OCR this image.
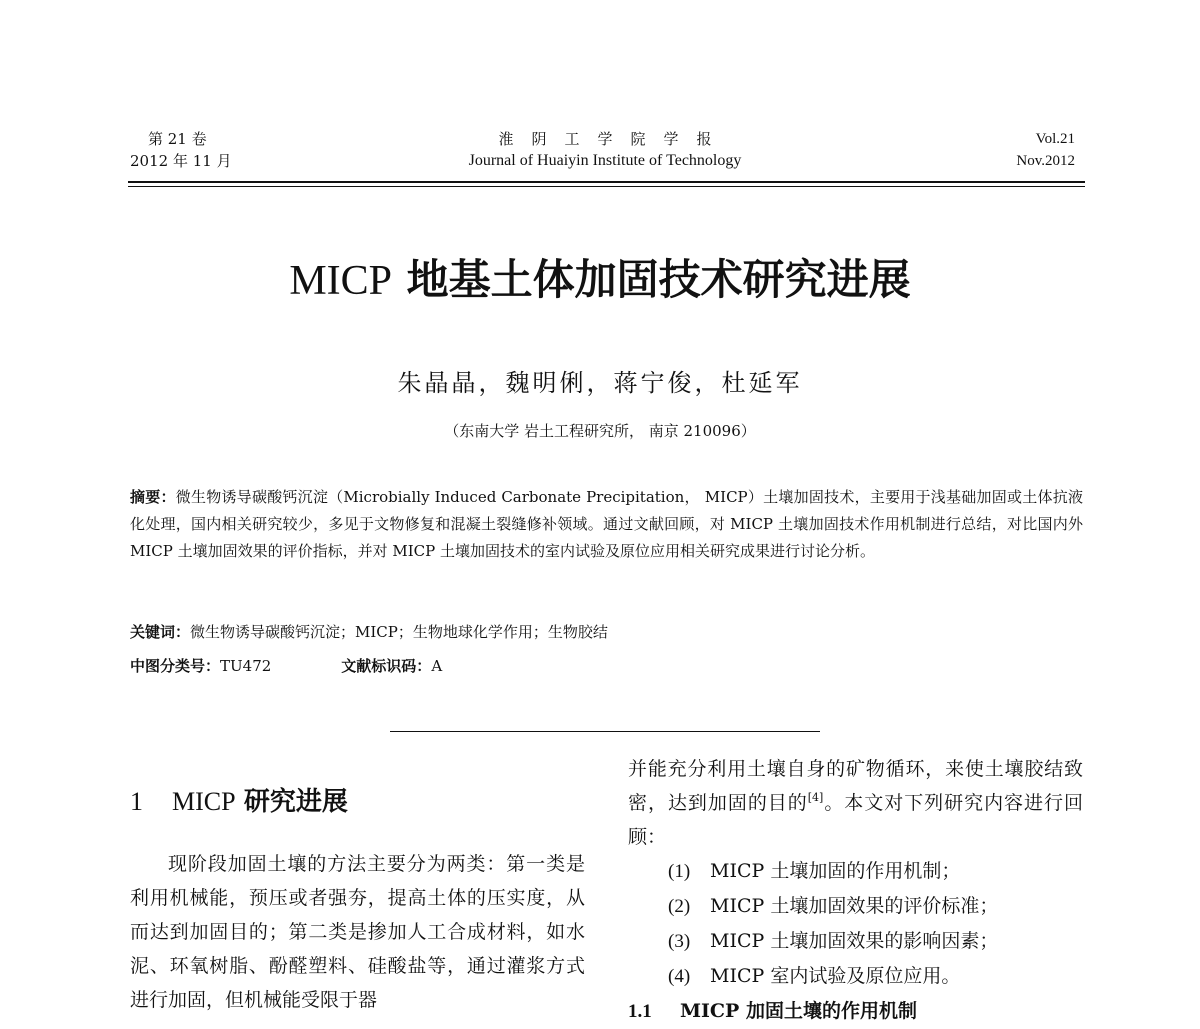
第 21 卷
2012 年 11 月
淮阴工学院学报
Journal of Huaiyin Institute of Technology
Vol.21
Nov.2012
MICP 地基土体加固技术研究进展
朱晶晶，魏明俐，蒋宁俊，杜延军
（东南大学 岩土工程研究所， 南京 210096）
摘要：微生物诱导碳酸钙沉淀（Microbially Induced Carbonate Precipitation， MICP）土壤加固技术，主要用于浅基础加固或土体抗液化处理，国内相关研究较少，多见于文物修复和混凝土裂缝修补领域。通过文献回顾，对 MICP 土壤加固技术作用机制进行总结，对比国内外 MICP 土壤加固效果的评价指标，并对 MICP 土壤加固技术的室内试验及原位应用相关研究成果进行讨论分析。
关键词：微生物诱导碳酸钙沉淀；MICP；生物地球化学作用；生物胶结
中图分类号：TU472	文献标识码：A
1 MICP 研究进展

现阶段加固土壤的方法主要分为两类：第一类是利用机械能，预压或者强夯，提高土体的压实度，从而达到加固目的；第二类是掺加人工合成材料，如水泥、环氧树脂、酚醛塑料、硅酸盐等，通过灌浆方式进行加固，但机械能受限于器

并能充分利用土壤自身的矿物循环，来使土壤胶结致密，达到加固的目的[4]。本文对下列研究内容进行回顾：

(1) MICP 土壤加固的作用机制；
(2) MICP 土壤加固效果的评价标准；
(3) MICP 土壤加固效果的影响因素；
(4) MICP 室内试验及原位应用。
1.1 MICP 加固土壤的作用机制
